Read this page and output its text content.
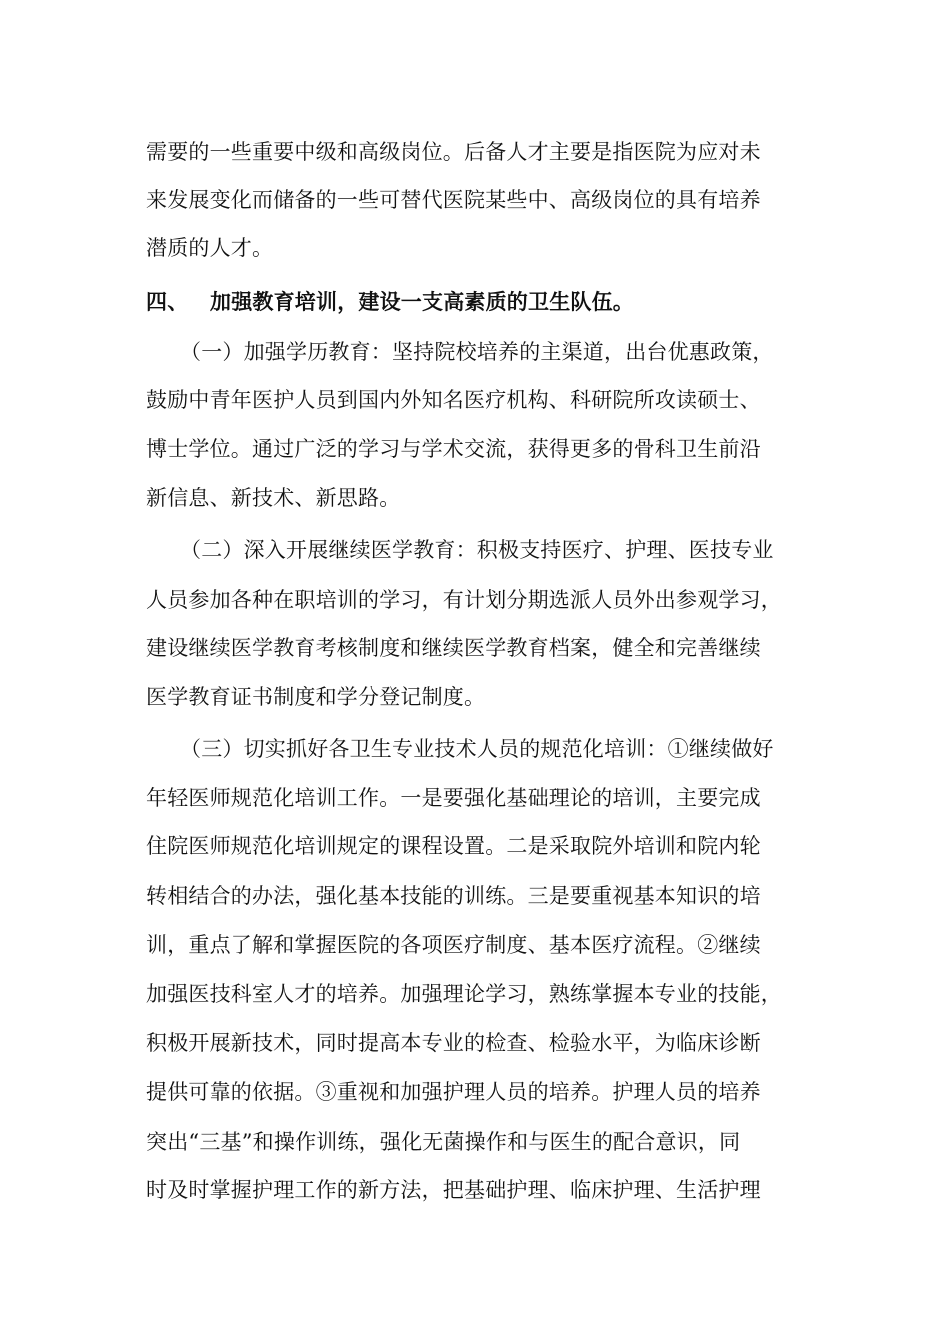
需要的一些重要中级和高级岗位。后备人才主要是指医院为应对未
来发展变化而储备的一些可替代医院某些中、高级岗位的具有培养
潜质的人才。
四、 加强教育培训，建设一支高素质的卫生队伍。
（一）加强学历教育：坚持院校培养的主渠道，出台优惠政策，
鼓励中青年医护人员到国内外知名医疗机构、科研院所攻读硕士、
博士学位。通过广泛的学习与学术交流，获得更多的骨科卫生前沿
新信息、新技术、新思路。
（二）深入开展继续医学教育：积极支持医疗、护理、医技专业
人员参加各种在职培训的学习，有计划分期选派人员外出参观学习，
建设继续医学教育考核制度和继续医学教育档案，健全和完善继续
医学教育证书制度和学分登记制度。
（三）切实抓好各卫生专业技术人员的规范化培训：①继续做好
年轻医师规范化培训工作。一是要强化基础理论的培训，主要完成
住院医师规范化培训规定的课程设置。二是采取院外培训和院内轮
转相结合的办法，强化基本技能的训练。三是要重视基本知识的培
训，重点了解和掌握医院的各项医疗制度、基本医疗流程。②继续
加强医技科室人才的培养。加强理论学习，熟练掌握本专业的技能，
积极开展新技术，同时提高本专业的检查、检验水平，为临床诊断
提供可靠的依据。③重视和加强护理人员的培养。护理人员的培养
突出“三基”和操作训练，强化无菌操作和与医生的配合意识，同
时及时掌握护理工作的新方法，把基础护理、临床护理、生活护理
